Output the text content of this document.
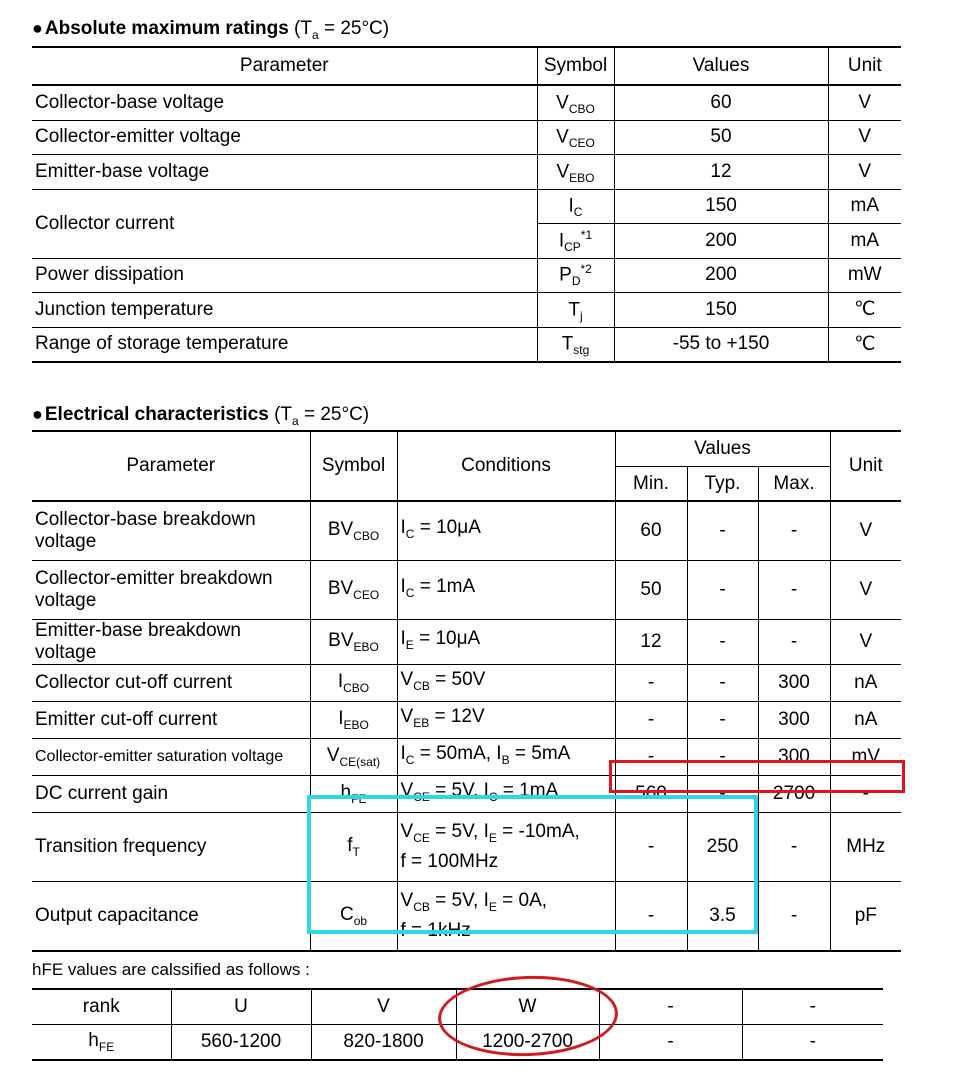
● Absolute maximum ratings $(T_a = 25^\circ C)$
Parameter	Symbol	Values	Unit
Collector-base voltage	$V_{CBO}$	60	V
Collector-emitter voltage	$V_{CEO}$	50	V
Emitter-base voltage	$V_{EBO}$	12	V
Collector current	$I_C$	150	mA
	$I_{CP}^{*1}$	200	mA
Power dissipation	$P_D^{*2}$	200	mW
Junction temperature	$T_j$	150	℃
Range of storage temperature	$T_{stg}$	-55 to +150	℃
● Electrical characteristics $(T_a = 25^\circ C)$
Parameter	Symbol	Conditions	Values			Unit
			Min.	Typ.	Max.	
Collector-base breakdown voltage	$BV_{CBO}$	$I_C = 10\mu A$	60	-	-	V
Collector-emitter breakdown voltage	$BV_{CEO}$	$I_C = 1mA$	50	-	-	V
Emitter-base breakdown voltage	$BV_{EBO}$	$I_E = 10\mu A$	12	-	-	V
Collector cut-off current	$I_{CBO}$	$V_{CB} = 50V$	-	-	300	nA
Emitter cut-off current	$I_{EBO}$	$V_{EB} = 12V$	-	-	300	nA
Collector-emitter saturation voltage	$V_{CE(sat)}$	$I_C = 50mA$, $I_B = 5mA$	-	-	300	mV
DC current gain	$h_{FE}$	$V_{CE} = 5V$, $I_C = 1mA$	560	-	2700	-
Transition frequency	$f_T$	$V_{CE} = 5V$, $I_E = -10mA$,
f = 100MHz	-	250	-	MHz
Output capacitance	$C_{ob}$	$V_{CB} = 5V$, $I_E = 0A$,
f = 1kHz	-	3.5	-	pF
hFE values are calssified as follows :
rank	U	V	W	-	-
$h_{FE}$	560-1200	820-1800	1200-2700	-	-
